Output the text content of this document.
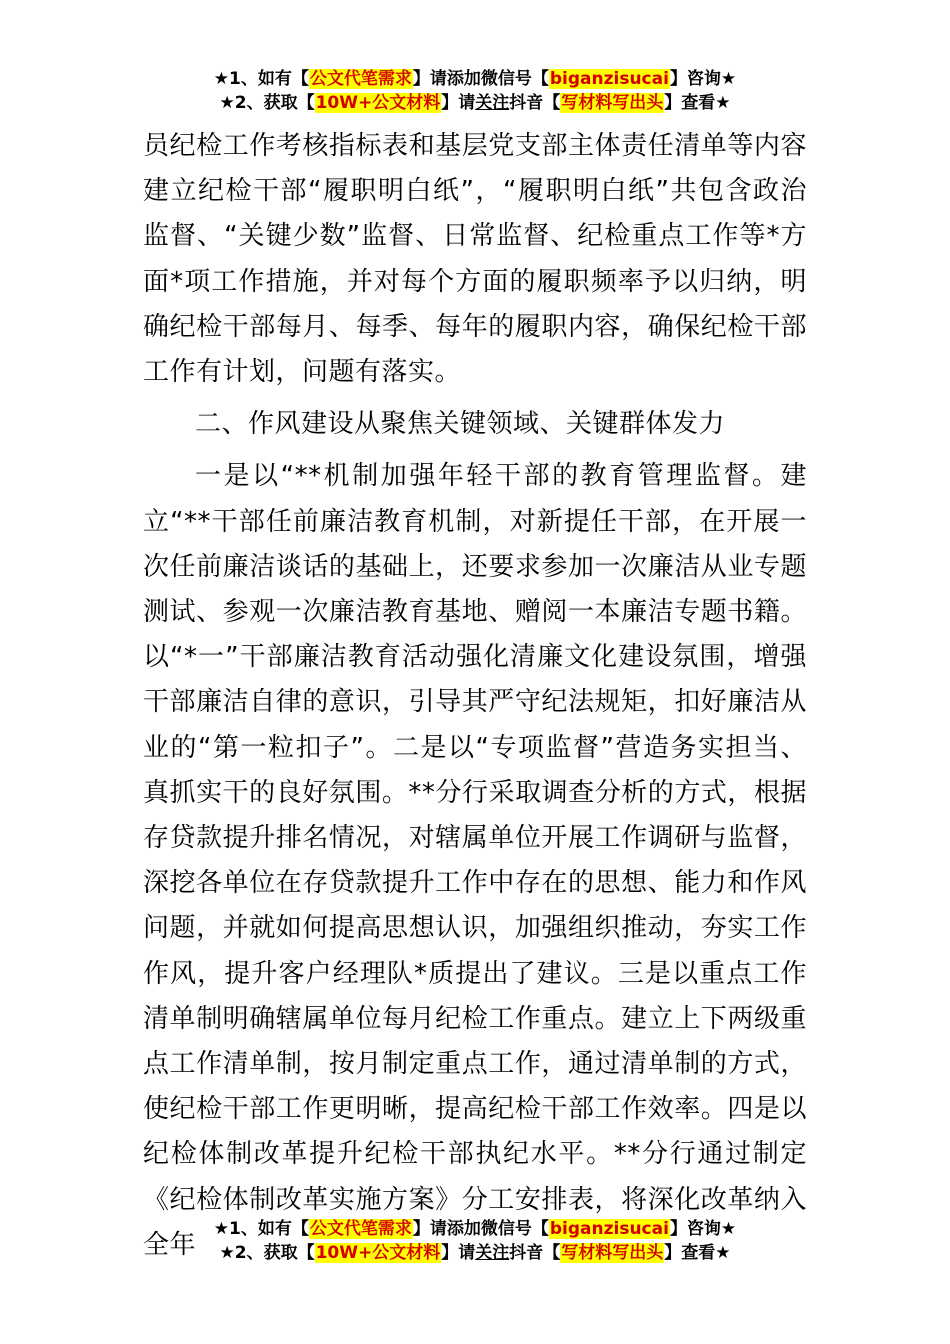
★1、如有【公文代笔需求】请添加微信号【biganzisucai】咨询★
★2、获取【10W+公文材料】请关注抖音【写材料写出头】查看★

员纪检工作考核指标表和基层党支部主体责任清单等内容建立纪检干部“履职明白纸”，“履职明白纸”共包含政治监督、“关键少数”监督、日常监督、纪检重点工作等*方面*项工作措施，并对每个方面的履职频率予以归纳，明确纪检干部每月、每季、每年的履职内容，确保纪检干部工作有计划，问题有落实。

二、作风建设从聚焦关键领域、关键群体发力

一是以“**机制加强年轻干部的教育管理监督。建立“**干部任前廉洁教育机制，对新提任干部，在开展一次任前廉洁谈话的基础上，还要求参加一次廉洁从业专题测试、参观一次廉洁教育基地、赠阅一本廉洁专题书籍。以“*一”干部廉洁教育活动强化清廉文化建设氛围，增强干部廉洁自律的意识，引导其严守纪法规矩，扣好廉洁从业的“第一粒扣子”。二是以“专项监督”营造务实担当、真抓实干的良好氛围。**分行采取调查分析的方式，根据存贷款提升排名情况，对辖属单位开展工作调研与监督，深挖各单位在存贷款提升工作中存在的思想、能力和作风问题，并就如何提高思想认识，加强组织推动，夯实工作作风，提升客户经理队*质提出了建议。三是以重点工作清单制明确辖属单位每月纪检工作重点。建立上下两级重点工作清单制，按月制定重点工作，通过清单制的方式，使纪检干部工作更明晰，提高纪检干部工作效率。四是以纪检体制改革提升纪检干部执纪水平。**分行通过制定《纪检体制改革实施方案》分工安排表，将深化改革纳入全年

★1、如有【公文代笔需求】请添加微信号【biganzisucai】咨询★
★2、获取【10W+公文材料】请关注抖音【写材料写出头】查看★
